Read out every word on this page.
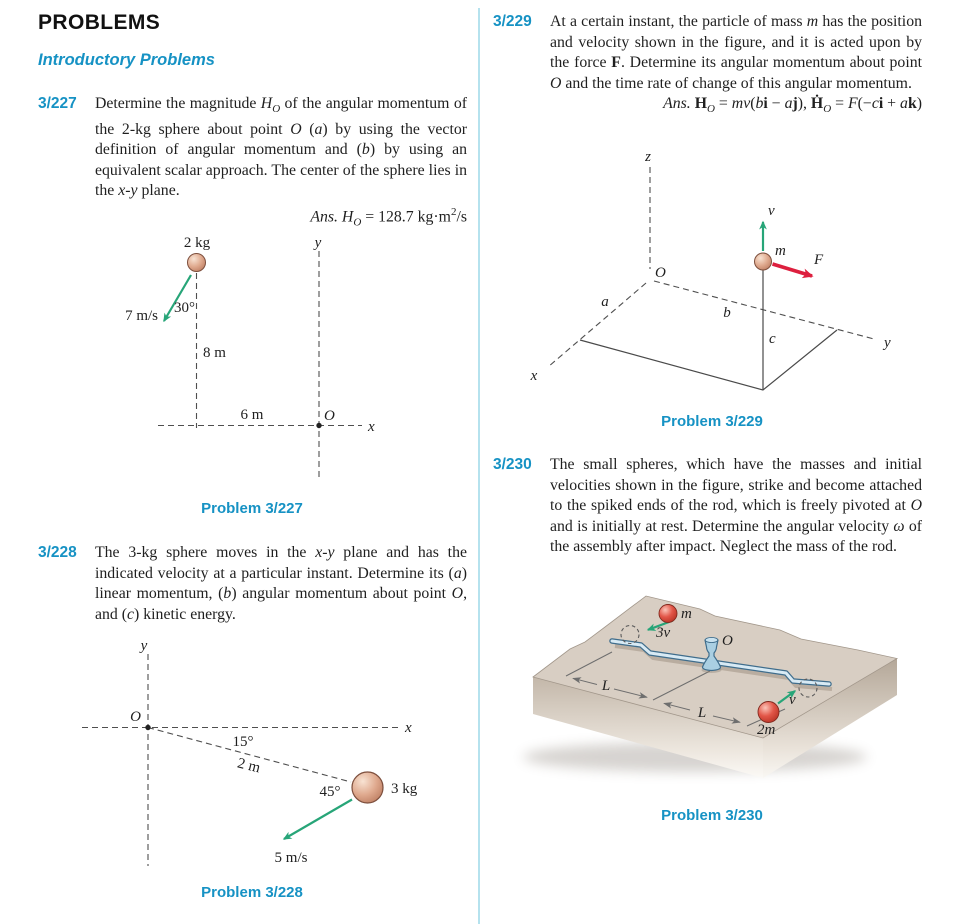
PROBLEMS
Introductory Problems
3/227 Determine the magnitude $H_O$ of the angular momentum of the 2-kg sphere about point O (a) by using the vector definition of angular momentum and (b) by using an equivalent scalar approach. The center of the sphere lies in the x-y plane.
Ans. $H_O = 128.7$ $kg\cdot m^2/s$
2 kg	y
7 m/s 30°
8 m
6 m	O
x
Problem 3/227
3/228 The 3-kg sphere moves in the x-y plane and has the indicated velocity at a particular instant. Determine its (a) linear momentum, (b) angular momentum about point O, and (c) kinetic energy.
y
O
x
15°
2 m
45°	3 kg
5 m/s
Problem 3/228
3/229 At a certain instant, the particle of mass m has the position and velocity shown in the figure, and it is acted upon by the force F. Determine its angular momentum about point O and the time rate of change of this angular momentum.
Ans. $H_O = mv(bi - aj)$, Ḣ$_O$ = F(−ci + ak)
z
O
a
b
c
x
y
m
v
F
Problem 3/229
3/230 The small spheres, which have the masses and initial velocities shown in the figure, strike and become attached to the spiked ends of the rod, which is freely pivoted at O and is initially at rest. Determine the angular velocity ω of the assembly after impact. Neglect the mass of the rod.
m
3v	O
L
L
2m
v
Problem 3/230
